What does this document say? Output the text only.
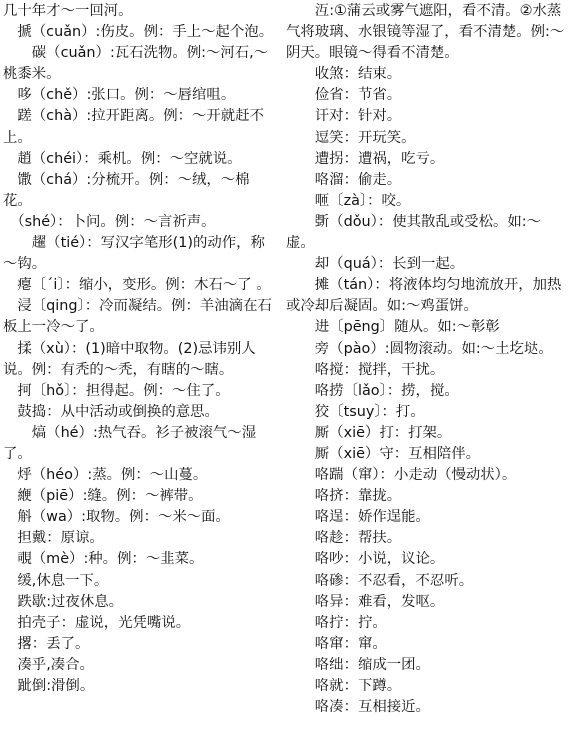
几十年才～一回河。
　搋（cuǎn）:伤皮。例：手上～起个泡。
　　碳（cuǎn）:瓦石洗物。例:～河石,～桃黍米。
　哆（chě）:张口。例：～唇绾咀。
　蹉（chà）:拉开距离。例：～开就赶不上。
　趙（chéi）：乘机。例：～空就说。
　馓（chá）:分梳开。例：～绒，～棉花。
　（shé）：卜问。例：～言祈声。
　　趯（tié）：写汉字笔形(1)的动作，称～钩。
　瘪〔ˊi〕：缩小，变形。例：木石～了 。
　浸〔qing〕：冷而凝结。例：羊油滴在石板上一冷～了。
　揉（xù）：(1)暗中取物。(2)忌讳别人说。例：有秃的～秃，有瞎的～瞎。
　抲〔hǒ〕：担得起。例：～住了。
　鼓捣：从中活动或倒换的意思。
　　熇（hé）:热气吞。衫子被滚气～湿了。
　烀（héo）:蒸。例：～山蔓。
　緶（piē）:缝。例：～裤带。
　斛（wa）:取物。例：～米～面。
　担戴：原谅。
　覗（mè）:种。例：～韭菜。
　缓,休息一下。
　跌歇:过夜休息。
　拍壳子：虚说，光凭嘴说。
　撂：丢了。
　凑乎,凑合。
　跐倒:滑倒。
　　沍:①蒲云或雾气遮阳，看不清。②水蒸气将玻璃、水银镜等湿了，看不清楚。例:～阴天。眼镜～得看不清楚。
　　收煞：结束。
　　俭省：节省。
　　讦对：针对。
　　逗笑：开玩笑。
　　遭拐：遭祸，吃亏。
　　咯溜：偷走。
　　咂〔zà〕：咬。
　　斲（dǒu）：使其散乱或受松。如:～虚。
　　却（quá）：长到一起。
　　摊（tán）：将液体均匀地流放开，加热或冷却后凝固。如:～鸡蛋饼。
　　进〔pēng〕随从。如:～彰彰
　　旁（pào）:圆物滚动。如:～土圪垯。
　　咯搅：搅拌，干扰。
　　咯捞〔lǎo〕：捞，搅。
　　狡〔tsuy〕：打。
　　厮（xiē）打：打架。
　　厮（xiē）守：互相陪伴。
　　咯踹（窜）：小走动（慢动状）。
　　咯挤：靠拢。
　　咯逞：娇作逞能。
　　咯趁：帮扶。
　　咯吵：小说，议论。
　　咯碜：不忍看，不忍听。
　　咯异：难看，发呕。
　　咯拧：拧。
　　咯窜：窜。
　　咯绌：缩成一团。
　　咯就：下蹲。
　　咯凑：互相接近。
